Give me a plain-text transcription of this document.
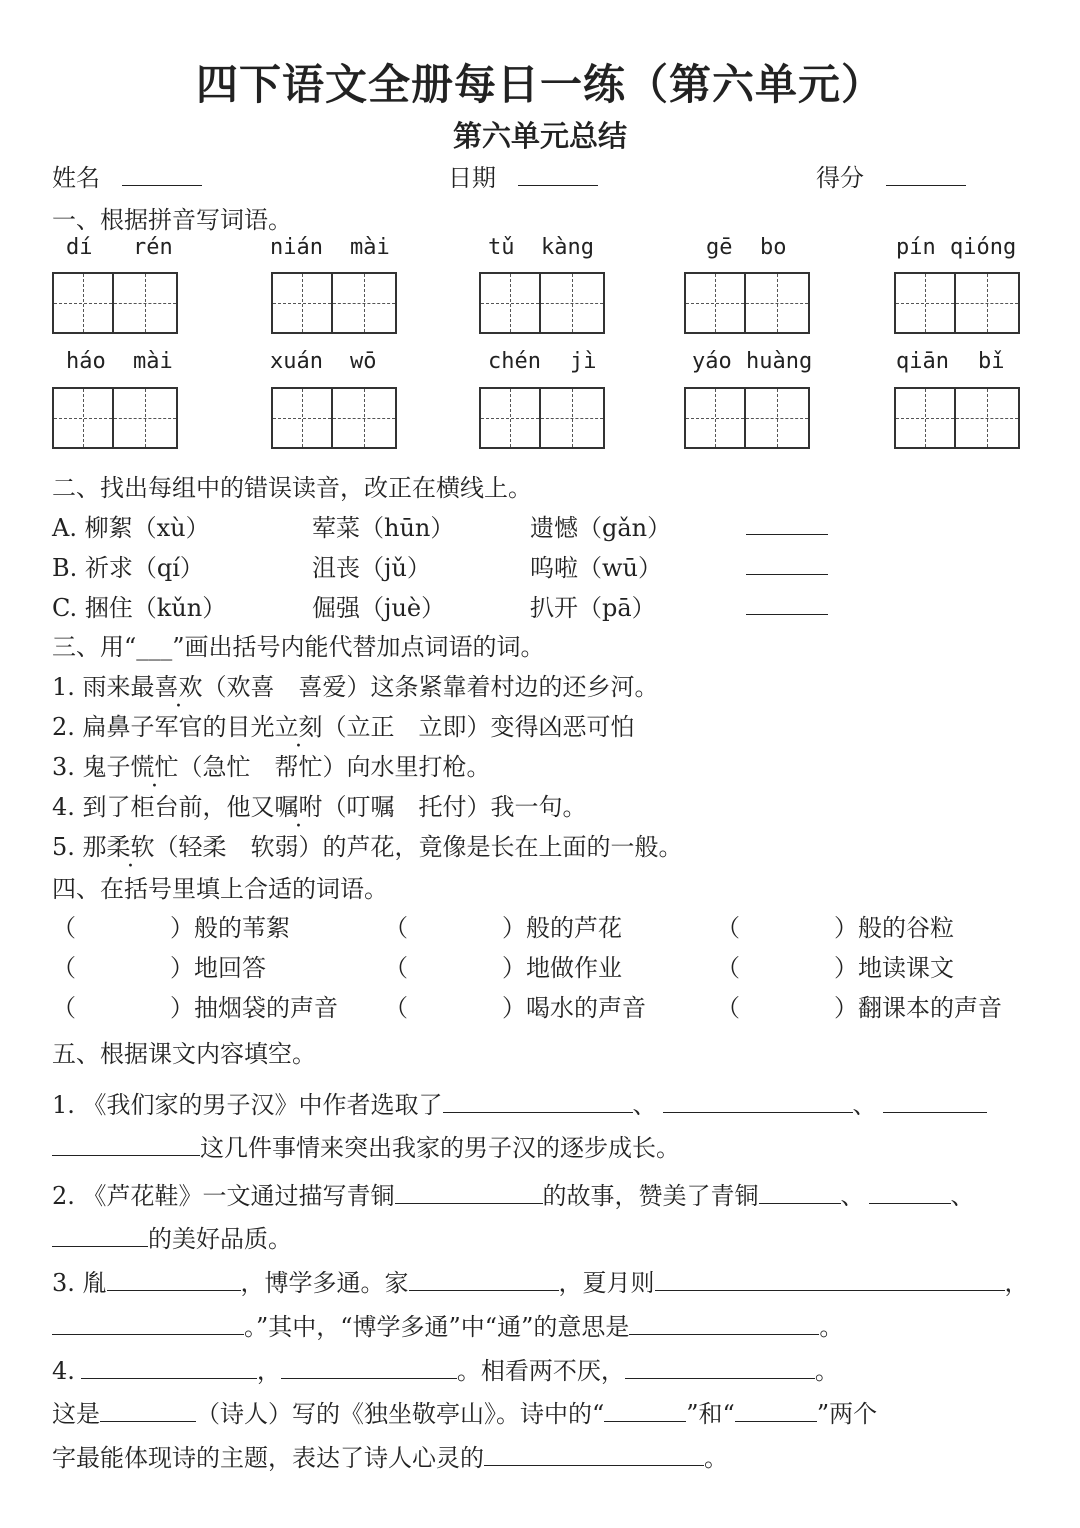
四下语文全册每日一练（第六单元）
第六单元总结
姓名	日期	得分
一、根据拼音写词语。
dí rén	nián mài	tǔ kàng	gē bo	pín qióng
háo mài	xuán wō	chén jì	yáo huàng	qiān bǐ
二、找出每组中的错误读音，改正在横线上。
A. 柳絮（xù）	荤菜（hūn）	遗憾（gǎn）
B. 祈求（qí）	沮丧（jǔ）	呜啦（wū）
C. 捆住（kǔn）	倔强（juè）	扒开（pā）
三、用“___”画出括号内能代替加点词语的词。
1. 雨来最喜欢（欢喜　喜爱）这条紧靠着村边的还乡河。
2. 扁鼻子军官的目光立刻（立正　立即）变得凶恶可怕
3. 鬼子慌忙（急忙　帮忙）向水里打枪。
4. 到了柜台前，他又嘱咐（叮嘱　托付）我一句。
5. 那柔软（轻柔　软弱）的芦花，竟像是长在上面的一般。
四、在括号里填上合适的词语。
（	）般的苇絮	（	）般的芦花	（	）般的谷粒
（	）地回答	（	）地做作业	（	）地读课文
（	）抽烟袋的声音 （	）喝水的声音	（	）翻课本的声音
五、根据课文内容填空。
1. 《我们家的男子汉》中作者选取了	、	、
这几件事情来突出我家的男子汉的逐步成长。
2. 《芦花鞋》一文通过描写青铜	的故事，赞美了青铜	、	、
的美好品质。
3. 胤	，博学多通。家	，夏月则	，
。”其中，“博学多通”中“通”的意思是	。
4.	，	。相看两不厌，	。
这是	（诗人）写的《独坐敬亭山》。诗中的“	”和“	”两个
字最能体现诗的主题，表达了诗人心灵的	。
